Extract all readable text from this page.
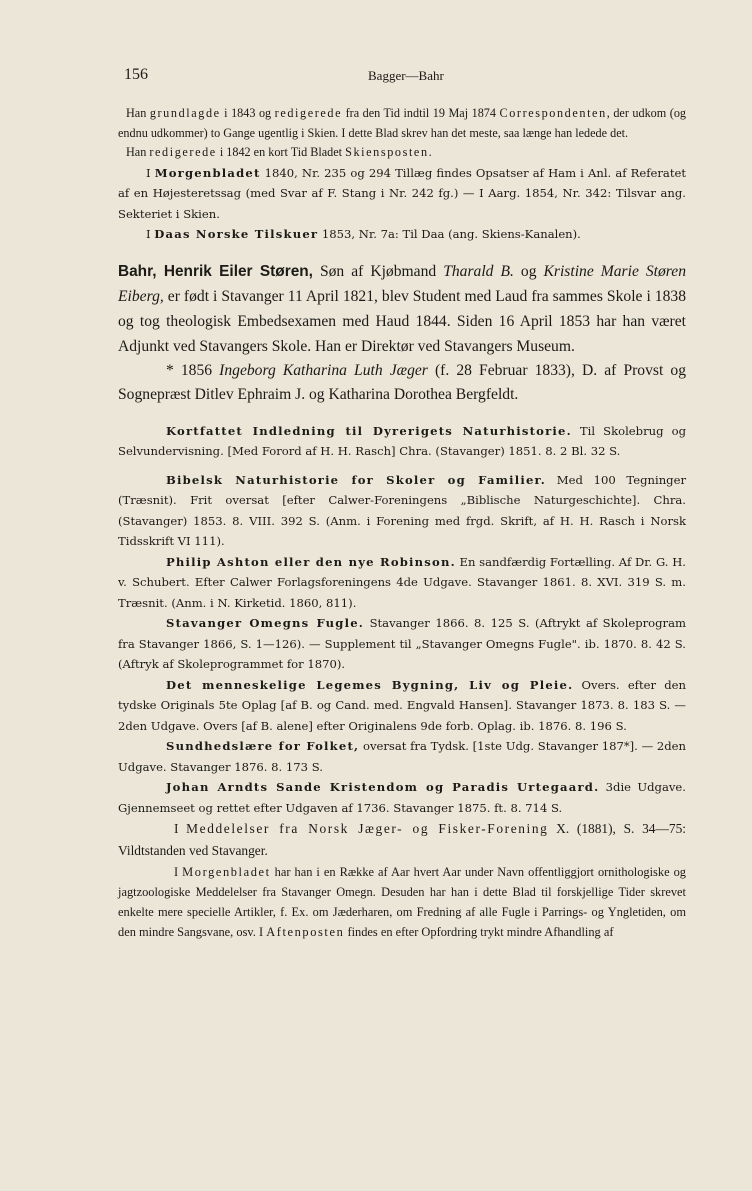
156	Bagger—Bahr

Han grundlagde i 1843 og redigerede fra den Tid indtil 19 Maj 1874 Correspondenten, der udkom (og endnu udkommer) to Gange ugentlig i Skien. I dette Blad skrev han det meste, saa længe han ledede det.

Han redigerede i 1842 en kort Tid Bladet Skiensposten.

I Morgenbladet 1840, Nr. 235 og 294 Tillæg findes Opsatser af Ham i Anl. af Referatet af en Højesteretssag (med Svar af F. Stang i Nr. 242 fg.) — I Aarg. 1854, Nr. 342: Tilsvar ang. Sekteriet i Skien.

I Daas Norske Tilskuer 1853, Nr. 7a: Til Daa (ang. Skiens-Kanalen).

Bahr, Henrik Eiler Støren, Søn af Kjøbmand Tharald B. og Kristine Marie Støren Eiberg, er født i Stavanger 11 April 1821, blev Student med Laud fra sammes Skole i 1838 og tog theologisk Embedsexamen med Haud 1844. Siden 16 April 1853 har han været Adjunkt ved Stavangers Skole. Han er Direktør ved Stavangers Museum.

* 1856 Ingeborg Katharina Luth Jæger (f. 28 Februar 1833), D. af Provst og Sognepræst Ditlev Ephraim J. og Katharina Dorothea Bergfeldt.

Kortfattet Indledning til Dyrerigets Naturhistorie. Til Skolebrug og Selvundervisning. [Med Forord af H. H. Rasch] Chra. (Stavanger) 1851. 8. 2 Bl. 32 S.

Bibelsk Naturhistorie for Skoler og Familier. Med 100 Tegninger (Træsnit). Frit oversat [efter Calwer-Foreningens „Biblische Naturgeschichte]. Chra. (Stavanger) 1853. 8. VIII. 392 S. (Anm. i Forening med frgd. Skrift, af H. H. Rasch i Norsk Tidsskrift VI 111).

Philip Ashton eller den nye Robinson. En sandfærdig Fortælling. Af Dr. G. H. v. Schubert. Efter Calwer Forlagsforeningens 4de Udgave. Stavanger 1861. 8. XVI. 319 S. m. Træsnit. (Anm. i N. Kirketid. 1860, 811).

Stavanger Omegns Fugle. Stavanger 1866. 8. 125 S. (Aftrykt af Skoleprogram fra Stavanger 1866, S. 1—126). — Supplement til „Stavanger Omegns Fugle". ib. 1870. 8. 42 S. (Aftryk af Skoleprogrammet for 1870).

Det menneskelige Legemes Bygning, Liv og Pleie. Overs. efter den tydske Originals 5te Oplag [af B. og Cand. med. Engvald Hansen]. Stavanger 1873. 8. 183 S. — 2den Udgave. Overs [af B. alene] efter Originalens 9de forb. Oplag. ib. 1876. 8. 196 S.

Sundhedslære for Folket, oversat fra Tydsk. [1ste Udg. Stavanger 187*]. — 2den Udgave. Stavanger 1876. 8. 173 S.

Johan Arndts Sande Kristendom og Paradis Urtegaard. 3die Udgave. Gjennemseet og rettet efter Udgaven af 1736. Stavanger 1875. ft. 8. 714 S.

I Meddelelser fra Norsk Jæger- og Fisker-Forening X. (1881), S. 34—75: Vildtstanden ved Stavanger.

I Morgenbladet har han i en Række af Aar hvert Aar under Navn offentliggjort ornithologiske og jagtzoologiske Meddelelser fra Stavanger Omegn. Desuden har han i dette Blad til forskjellige Tider skrevet enkelte mere specielle Artikler, f. Ex. om Jæderharen, om Fredning af alle Fugle i Parrings- og Yngletiden, om den mindre Sangsvane, osv. I Aftenposten findes en efter Opfordring trykt mindre Afhandling af
